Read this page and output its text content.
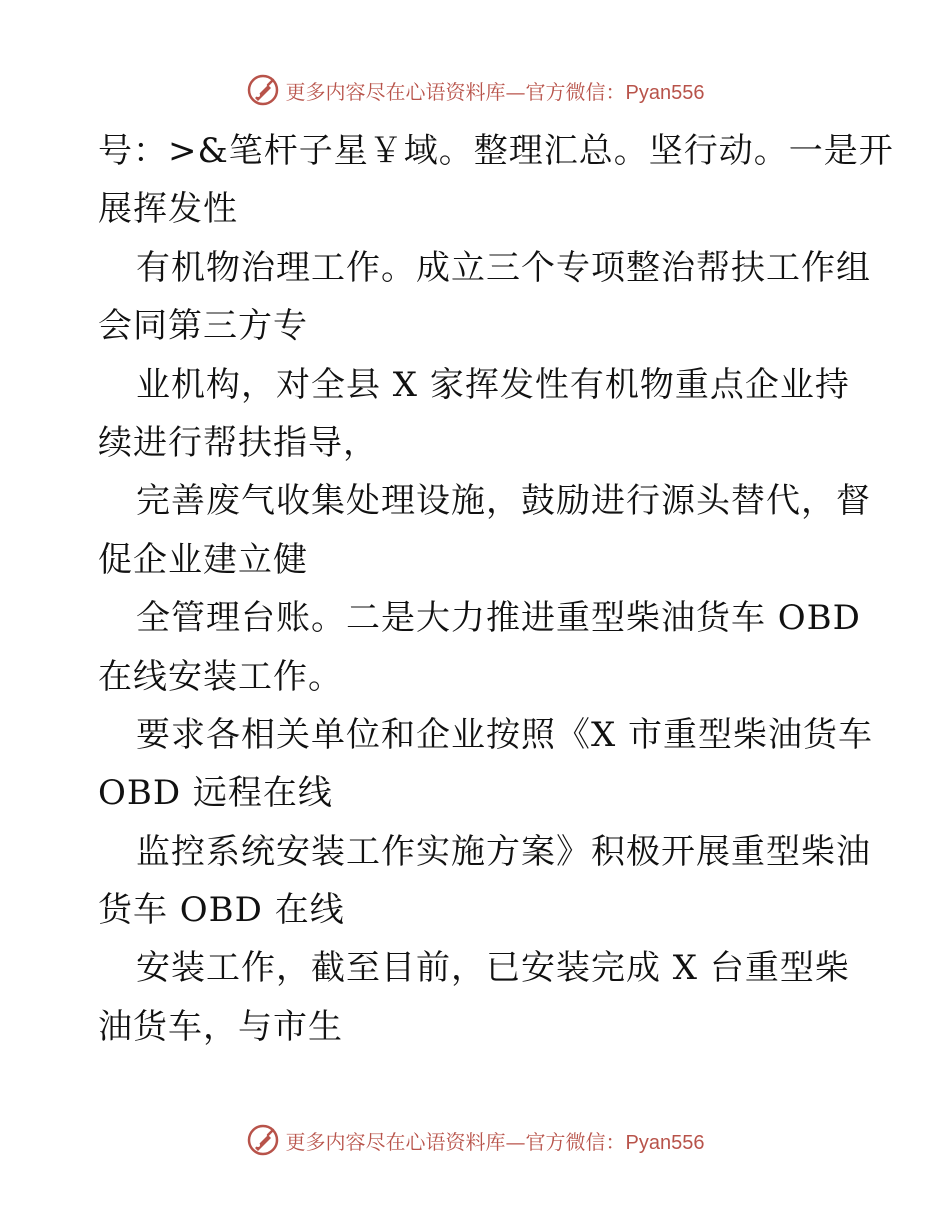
更多内容尽在心语资料库—官方微信：Pyan556
号：>&笔杆子星￥域。整理汇总。坚行动。一是开
展挥发性
有机物治理工作。成立三个专项整治帮扶工作组
会同第三方专
业机构，对全县 X 家挥发性有机物重点企业持
续进行帮扶指导，
完善废气收集处理设施，鼓励进行源头替代，督
促企业建立健
全管理台账。二是大力推进重型柴油货车 OBD
在线安装工作。
要求各相关单位和企业按照《X 市重型柴油货车
OBD 远程在线
监控系统安装工作实施方案》积极开展重型柴油
货车 OBD 在线
安装工作，截至目前，已安装完成 X 台重型柴
油货车，与市生
更多内容尽在心语资料库—官方微信：Pyan556
